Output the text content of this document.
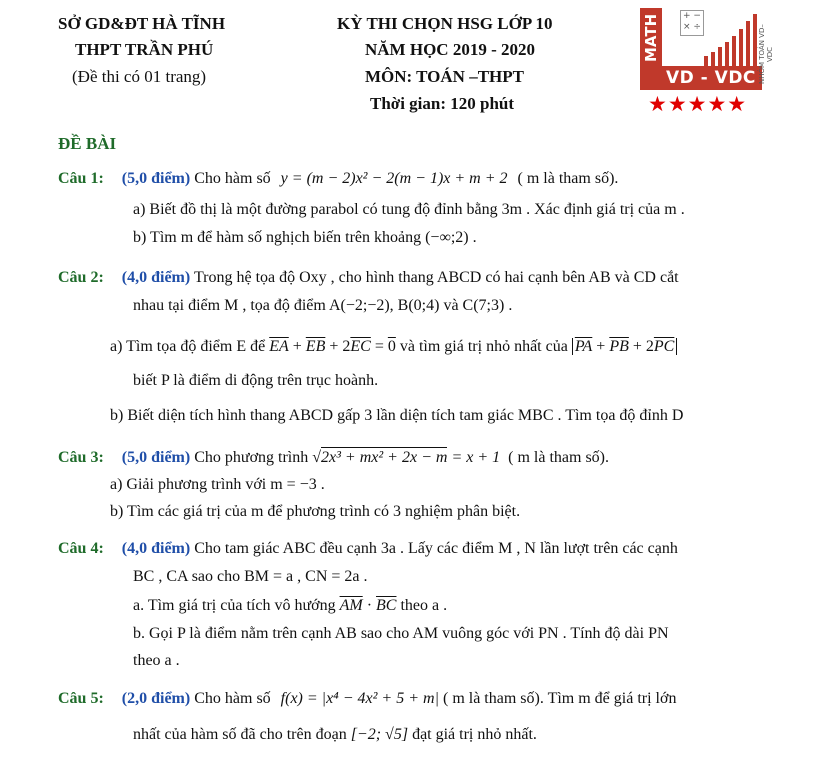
SỞ GD&ĐT HÀ TĨNH
THPT TRẦN PHÚ
(Đề thi có 01 trang)
KỲ THI CHỌN HSG LỚP 10
NĂM HỌC 2019 - 2020
MÔN: TOÁN –THPT
Thời gian: 120 phút
MATH	+ − × ÷
VD - VDC NHÓM TOÁN VD–VDC
★★★★★
ĐỀ BÀI
Câu 1: (5,0 điểm) Cho hàm số y = (m − 2)x² − 2(m − 1)x + m + 2 ( m là tham số).
a) Biết đồ thị là một đường parabol có tung độ đỉnh bằng 3m . Xác định giá trị của m .
b) Tìm m để hàm số nghịch biến trên khoảng (−∞;2) .
Câu 2: (4,0 điểm) Trong hệ tọa độ Oxy , cho hình thang ABCD có hai cạnh bên AB và CD cắt
nhau tại điểm M , tọa độ điểm A(−2;−2), B(0;4) và C(7;3) .
a) Tìm tọa độ điểm E để $\overline{EA} + \overline{EB} + 2\overline{EC} = 0$ và tìm giá trị nhỏ nhất của $\overline{PA} + \overline{PB} + 2\overline{PC}$
biết P là điểm di động trên trục hoành.
b) Biết diện tích hình thang ABCD gấp 3 lần diện tích tam giác MBC . Tìm tọa độ đỉnh D
Câu 3: (5,0 điểm) Cho phương trình √2x³ + mx² + 2x − m = x + 1 ( m là tham số).
a) Giải phương trình với m = −3 .
b) Tìm các giá trị của m để phương trình có 3 nghiệm phân biệt.
Câu 4: (4,0 điểm) Cho tam giác ABC đều cạnh 3a . Lấy các điểm M , N lần lượt trên các cạnh
BC , CA sao cho BM = a , CN = 2a .
a. Tìm giá trị của tích vô hướng $\overline{AM} \cdot \overline{BC}$ theo a .
b. Gọi P là điểm nằm trên cạnh AB sao cho AM vuông góc với PN . Tính độ dài PN
theo a .
Câu 5: (2,0 điểm) Cho hàm số f(x) = |x⁴ − 4x² + 5 + m| ( m là tham số). Tìm m để giá trị lớn
nhất của hàm số đã cho trên đoạn [−2; √5] đạt giá trị nhỏ nhất.
